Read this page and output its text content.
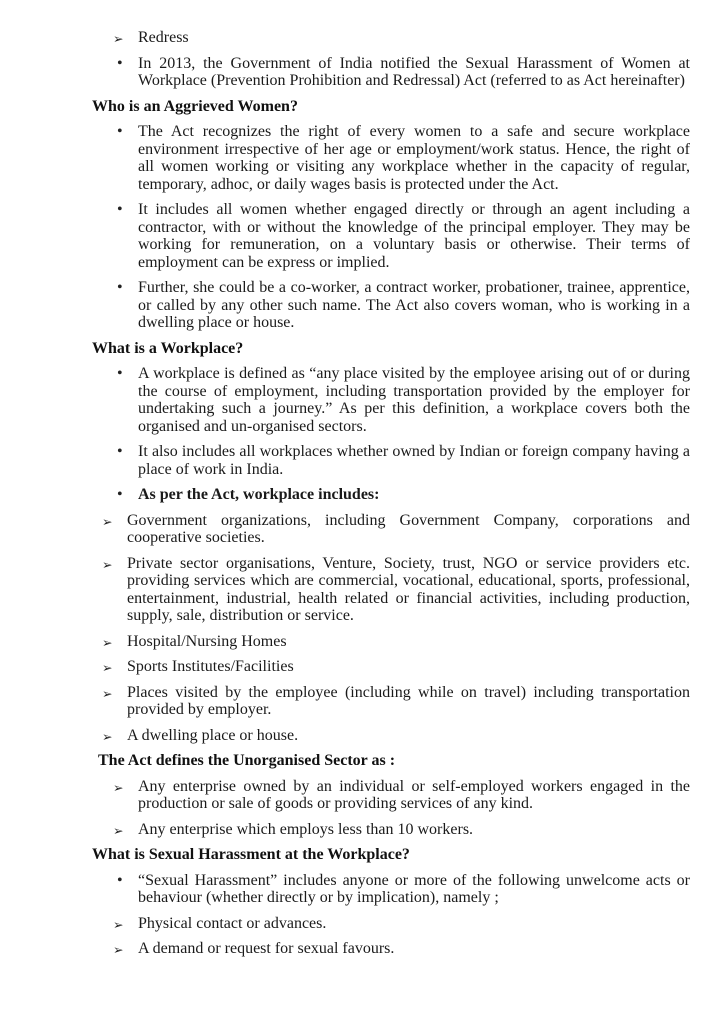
➢ Redress
• In 2013, the Government of India notified the Sexual Harassment of Women at Workplace (Prevention Prohibition and Redressal) Act (referred to as Act hereinafter)
Who is an Aggrieved Women?
• The Act recognizes the right of every women to a safe and secure workplace environment irrespective of her age or employment/work status. Hence, the right of all women working or visiting any workplace whether in the capacity of regular, temporary, adhoc, or daily wages basis is protected under the Act.
• It includes all women whether engaged directly or through an agent including a contractor, with or without the knowledge of the principal employer. They may be working for remuneration, on a voluntary basis or otherwise. Their terms of employment can be express or implied.
• Further, she could be a co-worker, a contract worker, probationer, trainee, apprentice, or called by any other such name. The Act also covers woman, who is working in a dwelling place or house.
What is a Workplace?
• A workplace is defined as “any place visited by the employee arising out of or during the course of employment, including transportation provided by the employer for undertaking such a journey.” As per this definition, a workplace covers both the organised and un-organised sectors.
• It also includes all workplaces whether owned by Indian or foreign company having a place of work in India.
• As per the Act, workplace includes:
➢ Government organizations, including Government Company, corporations and cooperative societies.
➢ Private sector organisations, Venture, Society, trust, NGO or service providers etc. providing services which are commercial, vocational, educational, sports, professional, entertainment, industrial, health related or financial activities, including production, supply, sale, distribution or service.
➢ Hospital/Nursing Homes
➢ Sports Institutes/Facilities
➢ Places visited by the employee (including while on travel) including transportation provided by employer.
➢ A dwelling place or house.
The Act defines the Unorganised Sector as :
➢ Any enterprise owned by an individual or self-employed workers engaged in the production or sale of goods or providing services of any kind.
➢ Any enterprise which employs less than 10 workers.
What is Sexual Harassment at the Workplace?
• “Sexual Harassment” includes anyone or more of the following unwelcome acts or behaviour (whether directly or by implication), namely ;
➢ Physical contact or advances.
➢ A demand or request for sexual favours.
